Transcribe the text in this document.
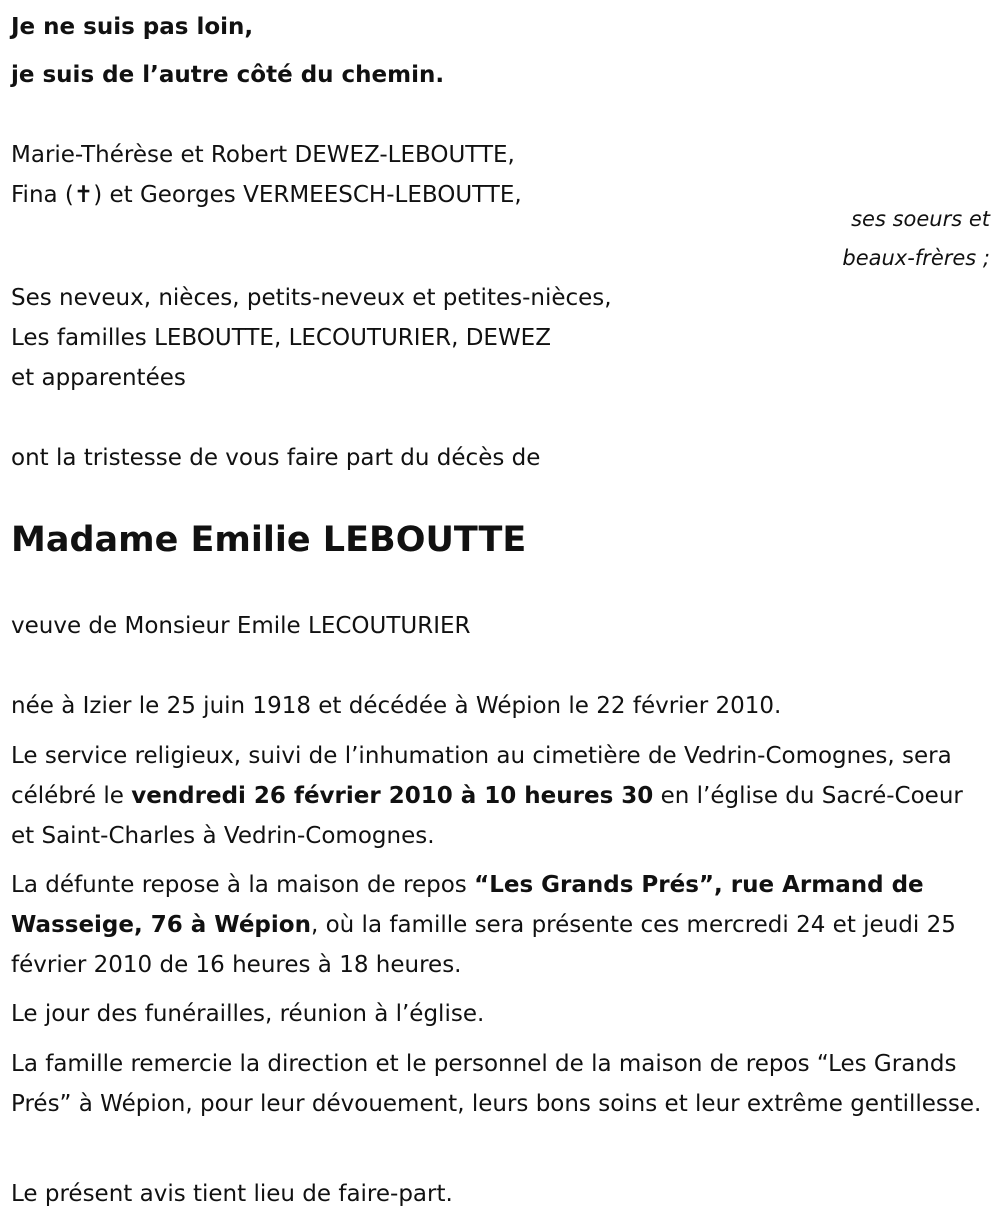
Je ne suis pas loin,
je suis de l’autre côté du chemin.
Marie-Thérèse et Robert DEWEZ-LEBOUTTE,
Fina (✝) et Georges VERMEESCH-LEBOUTTE,
ses soeurs et
beaux-frères ;
Ses neveux, nièces, petits-neveux et petites-nièces,
Les familles LEBOUTTE, LECOUTURIER, DEWEZ
et apparentées
ont la tristesse de vous faire part du décès de
Madame Emilie LEBOUTTE
veuve de Monsieur Emile LECOUTURIER
née à Izier le 25 juin 1918 et décédée à Wépion le 22 février 2010.
Le service religieux, suivi de l’inhumation au cimetière de Vedrin-Comognes, sera célébré le vendredi 26 février 2010 à 10 heures 30 en l’église du Sacré-Coeur et Saint-Charles à Vedrin-Comognes.
La défunte repose à la maison de repos “Les Grands Prés”, rue Armand de Wasseige, 76 à Wépion, où la famille sera présente ces mercredi 24 et jeudi 25 février 2010 de 16 heures à 18 heures.
Le jour des funérailles, réunion à l’église.
La famille remercie la direction et le personnel de la maison de repos “Les Grands Prés” à Wépion, pour leur dévouement, leurs bons soins et leur extrême gentillesse.
Le présent avis tient lieu de faire-part.
